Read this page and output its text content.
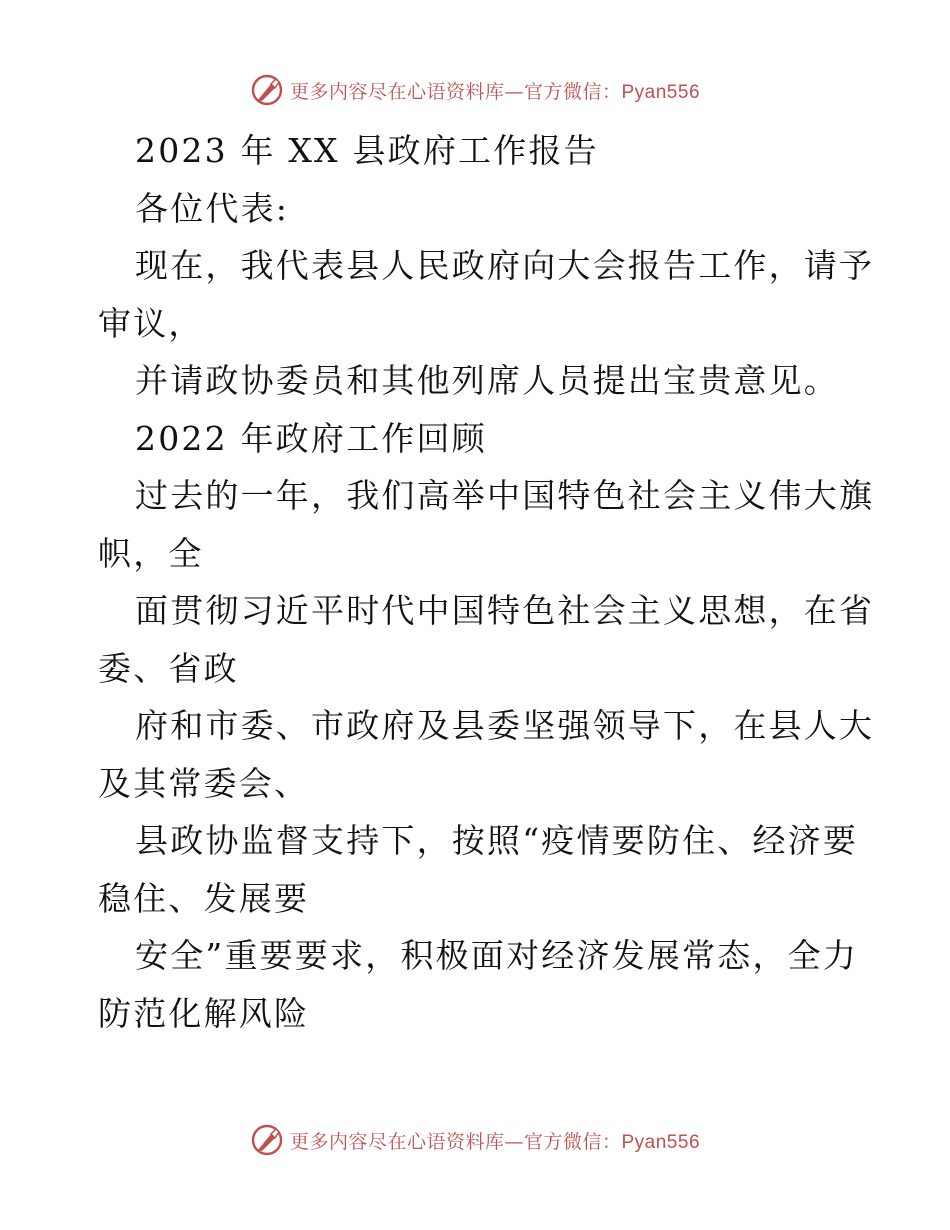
更多内容尽在心语资料库—官方微信：Pyan556

2023 年 XX 县政府工作报告

各位代表:

现在，我代表县人民政府向大会报告工作，请予
审议，

并请政协委员和其他列席人员提出宝贵意见。

2022 年政府工作回顾

过去的一年，我们高举中国特色社会主义伟大旗
帜，全

面贯彻习近平时代中国特色社会主义思想，在省
委、省政

府和市委、市政府及县委坚强领导下，在县人大
及其常委会、

县政协监督支持下，按照“疫情要防住、经济要
稳住、发展要

安全”重要要求，积极面对经济发展常态，全力
防范化解风险

更多内容尽在心语资料库—官方微信：Pyan556
